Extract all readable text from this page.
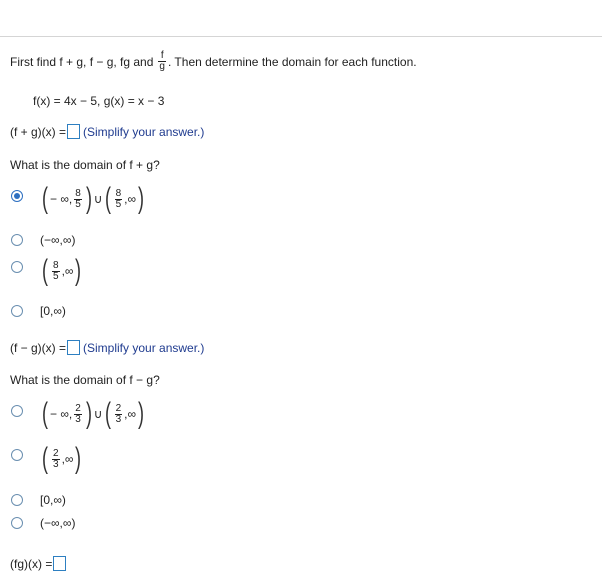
First find f + g, f − g, fg and $\frac{f}{g}$ . Then determine the domain for each function.
f(x) = 4x − 5, g(x) = x − 3
(f + g)(x) = (Simplify your answer.)
What is the domain of f + g?
( − ∞, $\frac{8}{5}$ ) ∪ ( $\frac{8}{5}$ ,∞ )
(−∞,∞)
( $\frac{8}{5}$ ,∞ )
[0,∞)
(f − g)(x) = (Simplify your answer.)
What is the domain of f − g?
( − ∞, $\frac{2}{3}$ ) ∪ ( $\frac{2}{3}$ ,∞ )
( $\frac{2}{3}$ ,∞ )
[0,∞)
(−∞,∞)
(fg)(x) =
